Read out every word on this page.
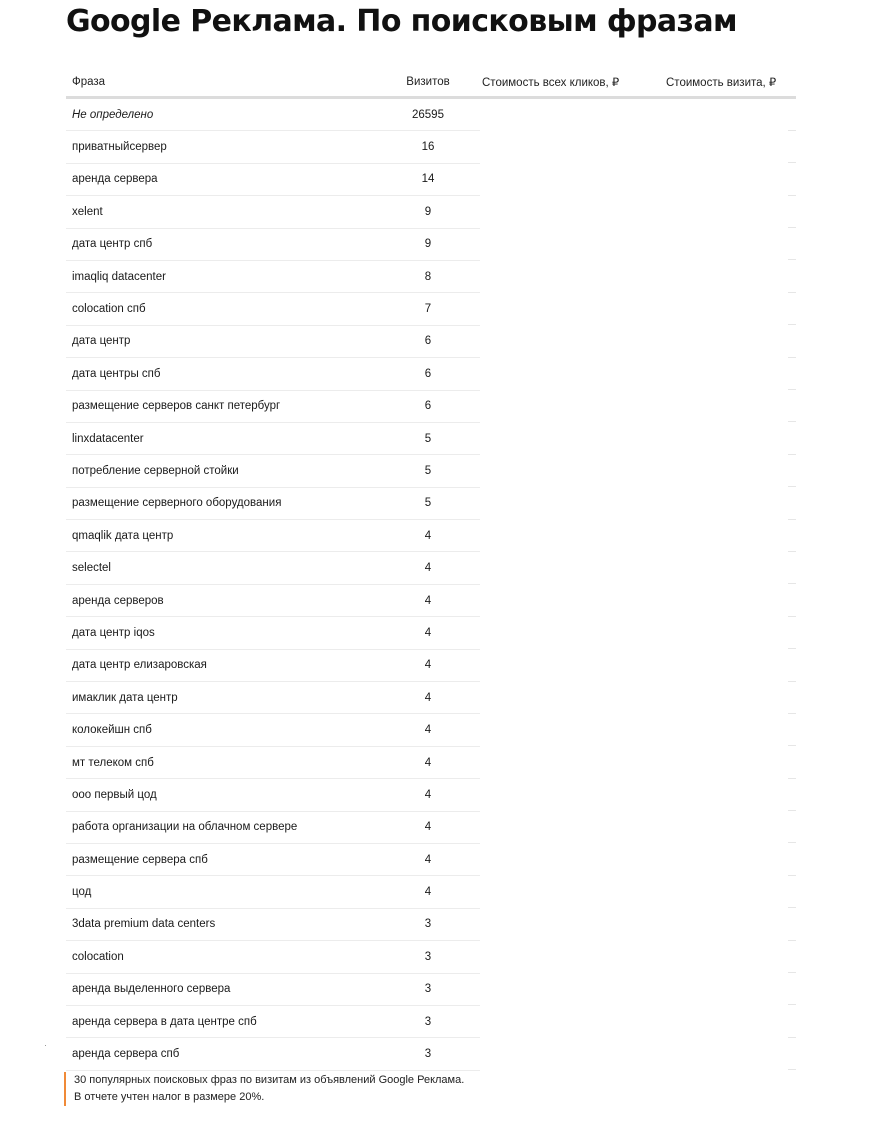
Google Реклама. По поисковым фразам
Фраза	Визитов	Стоимость всех кликов, ₽	Стоимость визита, ₽
Не определено	26595		
приватныйсервер	16		
аренда сервера	14		
xelent	9		
дата центр спб	9		
imaqliq datacenter	8		
colocation спб	7		
дата центр	6		
дата центры спб	6		
размещение серверов санкт петербург	6		
linxdatacenter	5		
потребление серверной стойки	5		
размещение серверного оборудования	5		
qmaqlik дата центр	4		
selectel	4		
аренда серверов	4		
дата центр iqos	4		
дата центр елизаровская	4		
имаклик дата центр	4		
колокейшн спб	4		
мт телеком спб	4		
ооо первый цод	4		
работа организации на облачном сервере	4		
размещение сервера спб	4		
цод	4		
3data premium data centers	3		
colocation	3		
аренда выделенного сервера	3		
аренда сервера в дата центре спб	3		
аренда сервера спб	3		

30 популярных поисковых фраз по визитам из объявлений Google Реклама.

В отчете учтен налог в размере 20%.
